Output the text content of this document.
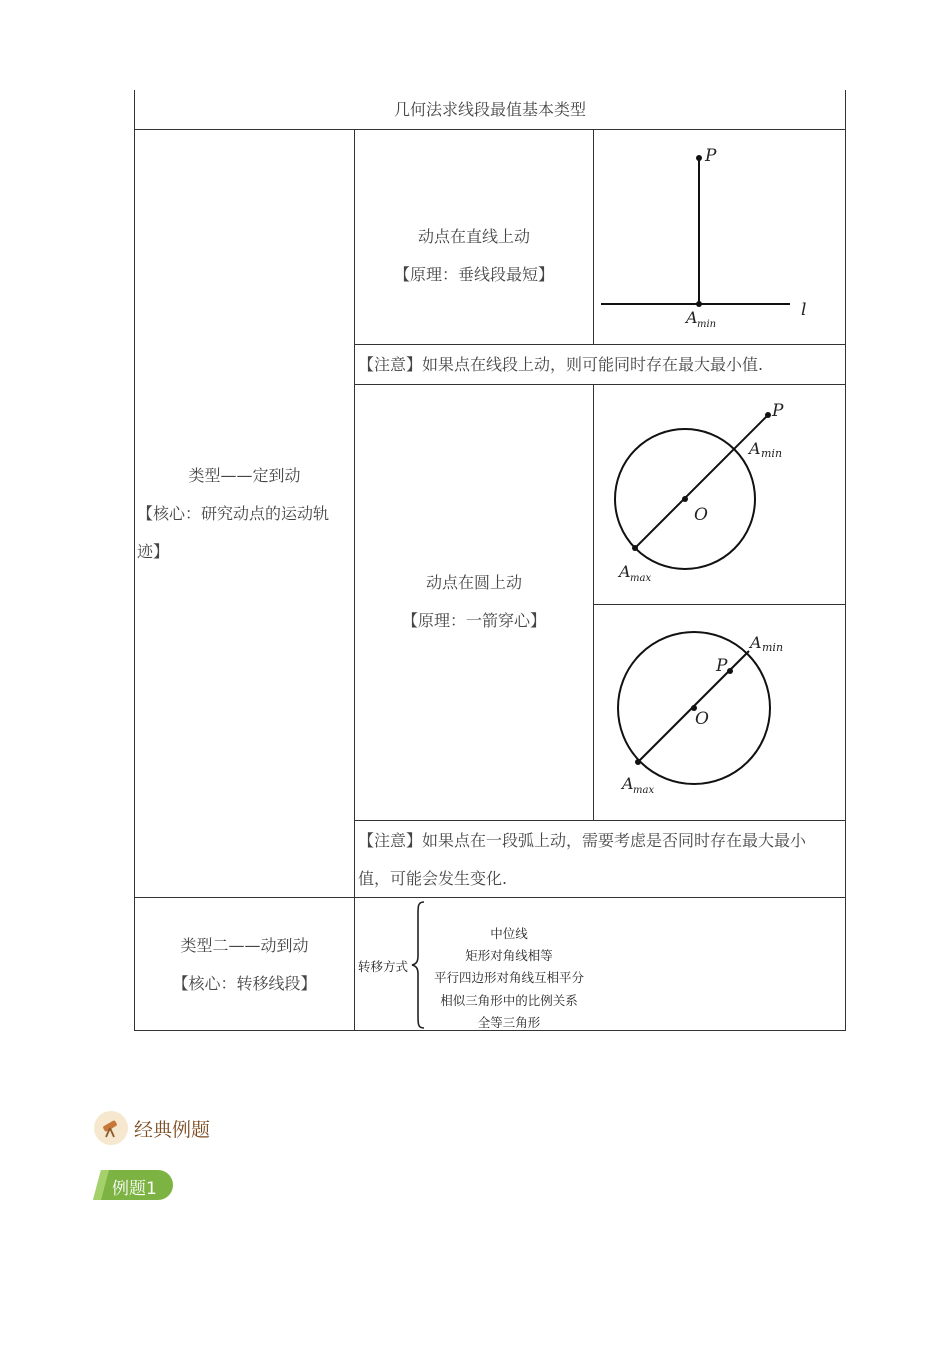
几何法求线段最值基本类型
类型——定到动
【核心：研究动点的运动轨
迹】
动点在直线上动
【原理：垂线段最短】
【注意】如果点在线段上动，则可能同时存在最大最小值.
P
l
A min
动点在圆上动
【原理：一箭穿心】
【注意】如果点在一段弧上动，需要考虑是否同时存在最大最小
值，可能会发生变化.
P
A min
O
A max
P
A min
O
A max
类型二——动到动
【核心：转移线段】
转移方式
中位线
矩形对角线相等
平行四边形对角线互相平分
相似三角形中的比例关系
全等三角形
经典例题
例题1
